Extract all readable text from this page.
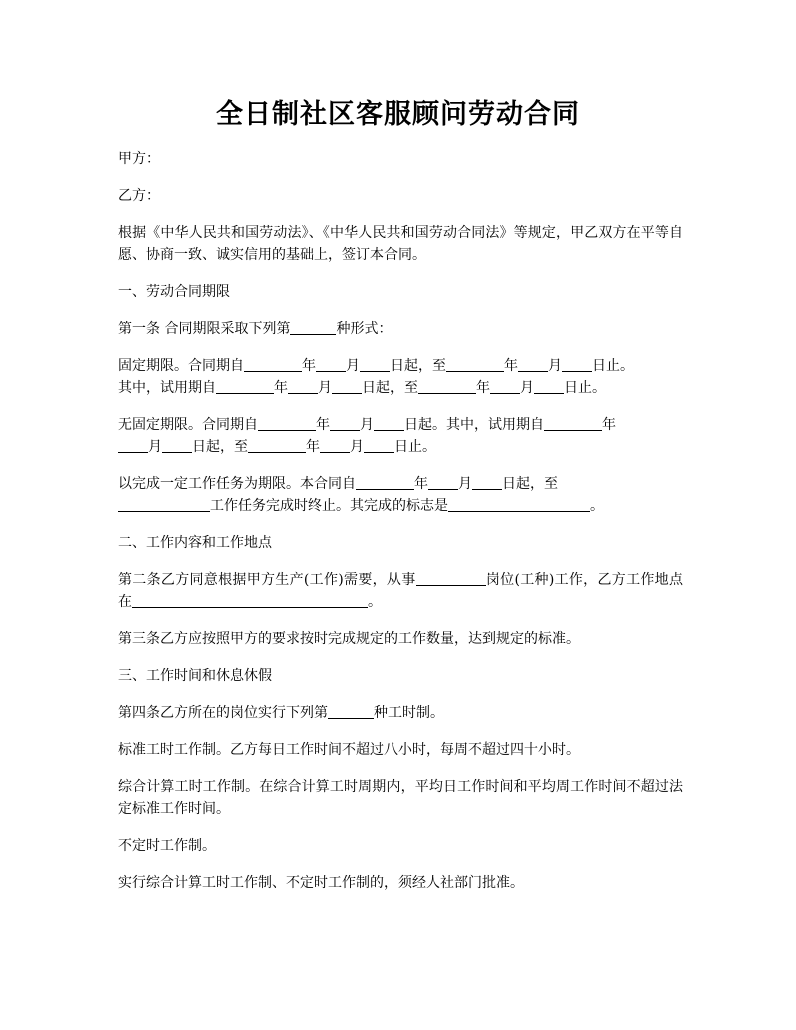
全日制社区客服顾问劳动合同

甲方：

乙方：

根据《中华人民共和国劳动法》、《中华人民共和国劳动合同法》等规定，甲乙双方在平等自愿、协商一致、诚实信用的基础上，签订本合同。

一、劳动合同期限

第一条 合同期限采取下列第	种形式：

固定期限。合同期自	年 月 日起，至	年 月 日止。
其中，试用期自	年 月 日起，至	年 月 日止。

无固定期限。合同期自	年 月 日起。其中，试用期自	年
月 日起，至	年 月 日止。

以完成一定工作任务为期限。本合同自	年 月 日起，至
工作任务完成时终止。其完成的标志是	。

二、工作内容和工作地点

第二条乙方同意根据甲方生产(工作)需要，从事	岗位(工种)工作，乙方工作地点在	。

第三条乙方应按照甲方的要求按时完成规定的工作数量，达到规定的标准。

三、工作时间和休息休假

第四条乙方所在的岗位实行下列第	种工时制。

标准工时工作制。乙方每日工作时间不超过八小时，每周不超过四十小时。

综合计算工时工作制。在综合计算工时周期内，平均日工作时间和平均周工作时间不超过法定标准工作时间。

不定时工作制。

实行综合计算工时工作制、不定时工作制的，须经人社部门批准。
